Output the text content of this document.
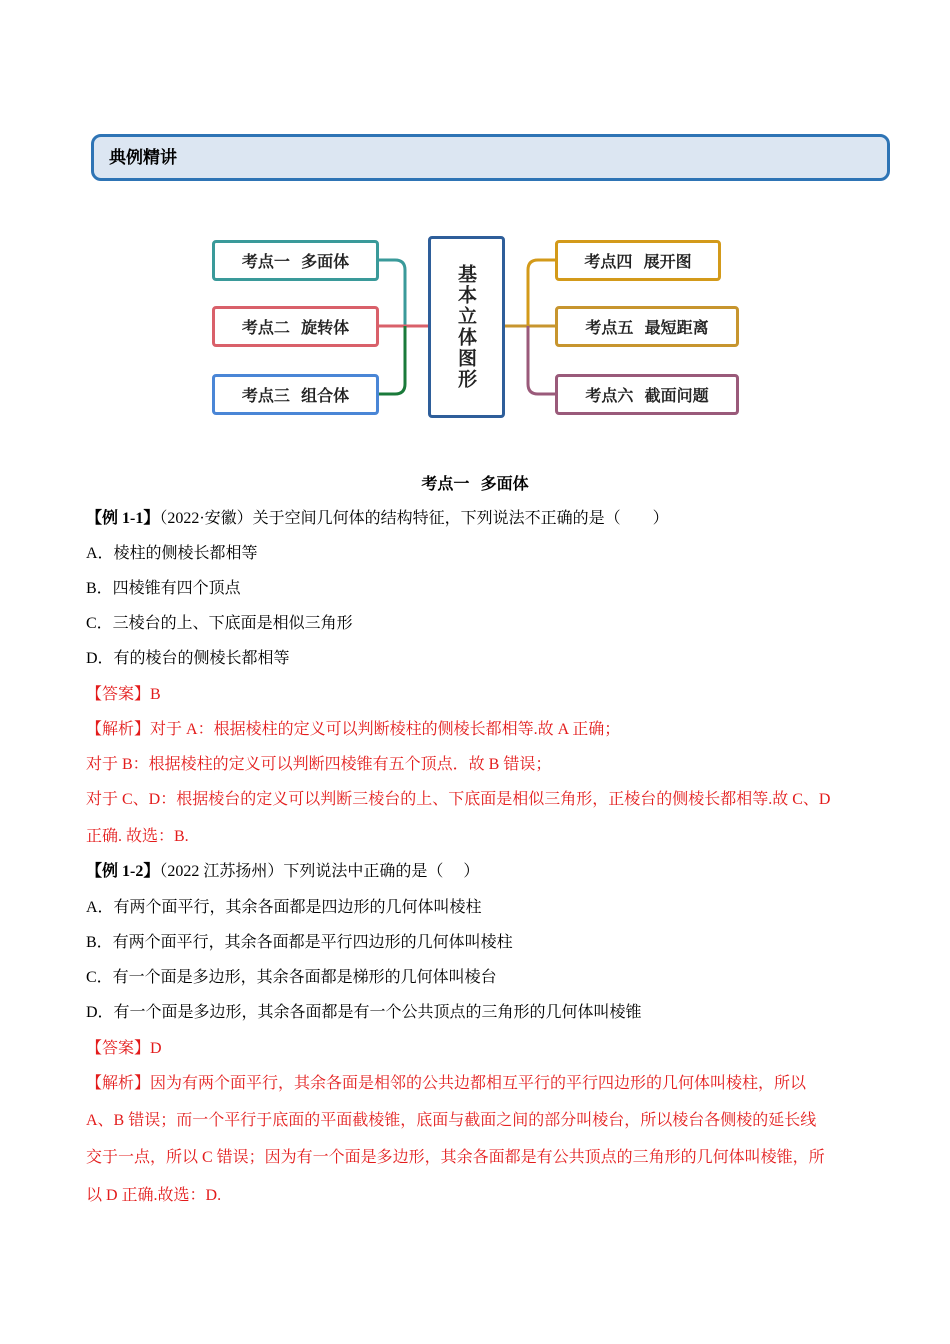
典例精讲
考点一  多面体
考点二  旋转体
考点三  组合体
基本立体图形
考点四  展开图
考点五  最短距离
考点六  截面问题
考点一  多面体
【例 1-1】（2022·安徽）关于空间几何体的结构特征，下列说法不正确的是（        ）
A．棱柱的侧棱长都相等
B．四棱锥有四个顶点
C．三棱台的上、下底面是相似三角形
D．有的棱台的侧棱长都相等
【答案】B
【解析】对于 A：根据棱柱的定义可以判断棱柱的侧棱长都相等.故 A 正确；
对于 B：根据棱柱的定义可以判断四棱锥有五个顶点．故 B 错误；
对于 C、D：根据棱台的定义可以判断三棱台的上、下底面是相似三角形，正棱台的侧棱长都相等.故 C、D
正确. 故选：B.
【例 1-2】（2022 江苏扬州）下列说法中正确的是（     ）
A．有两个面平行，其余各面都是四边形的几何体叫棱柱
B．有两个面平行，其余各面都是平行四边形的几何体叫棱柱
C．有一个面是多边形，其余各面都是梯形的几何体叫棱台
D．有一个面是多边形，其余各面都是有一个公共顶点的三角形的几何体叫棱锥
【答案】D
【解析】因为有两个面平行，其余各面是相邻的公共边都相互平行的平行四边形的几何体叫棱柱，所以
A、B 错误；而一个平行于底面的平面截棱锥，底面与截面之间的部分叫棱台，所以棱台各侧棱的延长线
交于一点，所以 C 错误；因为有一个面是多边形，其余各面都是有公共顶点的三角形的几何体叫棱锥，所
以 D 正确.故选：D.
